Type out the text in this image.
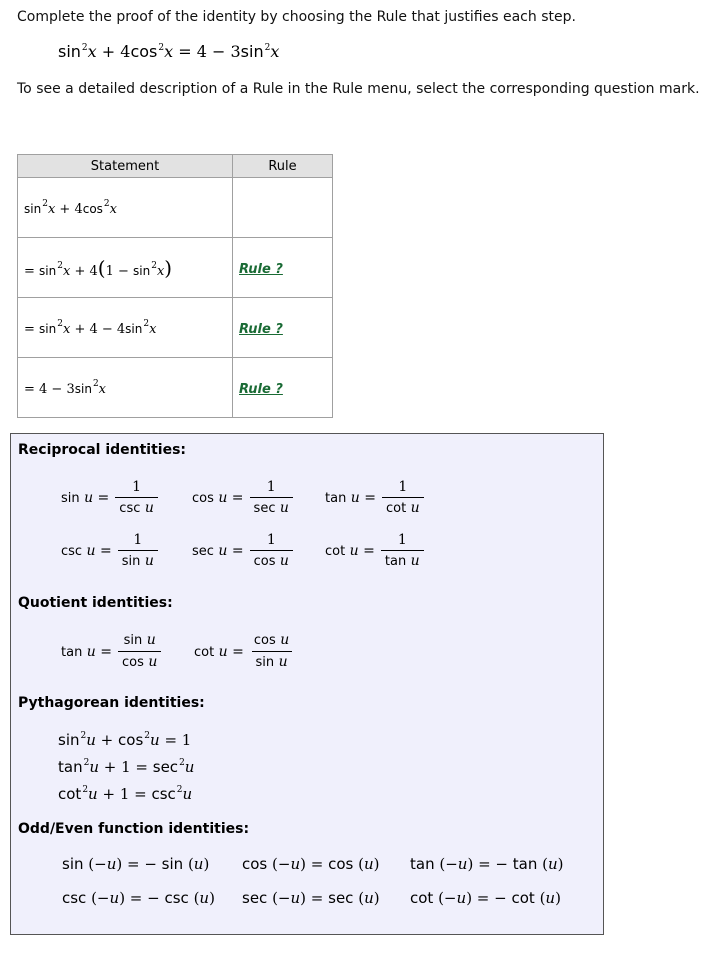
Complete the proof of the identity by choosing the Rule that justifies each step.
$\sin^2x + 4\cos^2x = 4 - 3\sin^2x$
To see a detailed description of a Rule in the Rule menu, select the corresponding question mark.
Statement	Rule
$\sin^2x + 4\cos^2x$	
= $\sin^2x + 4(1 - \sin^2x)$	Rule ?
= $\sin^2x + 4 - 4\sin^2x$	Rule ?
= $4 - 3\sin^2x$	Rule ?
Reciprocal identities:
$\sin u = \frac{1}{\text{csc u}}$	$\cos u = \frac{1}{\text{sec u}}$ $\tan u = \frac{1}{\text{cot u}}$
$\csc u = \frac{1}{\text{sin u}}$	$\sec u = \frac{1}{\text{cos u}}$ $\cot u = \frac{1}{\text{tan u}}$
Quotient identities:
$\tan u = \frac{\text{sin u}}{\text{cos u}}$	$\cot u = \frac{\text{cos u}}{\text{sin u}}$
Pythagorean identities:
$\sin^2u + \cos^2u = 1$
$\tan^2u + 1 = \sec^2u$
$\cot^2u + 1 = \csc^2u$
Odd/Even function identities:
sin (−u) = − sin (u) cos (−u) = cos (u) tan (−u) = − tan (u)
csc (−u) = − csc (u) sec (−u) = sec (u) cot (−u) = − cot (u)
